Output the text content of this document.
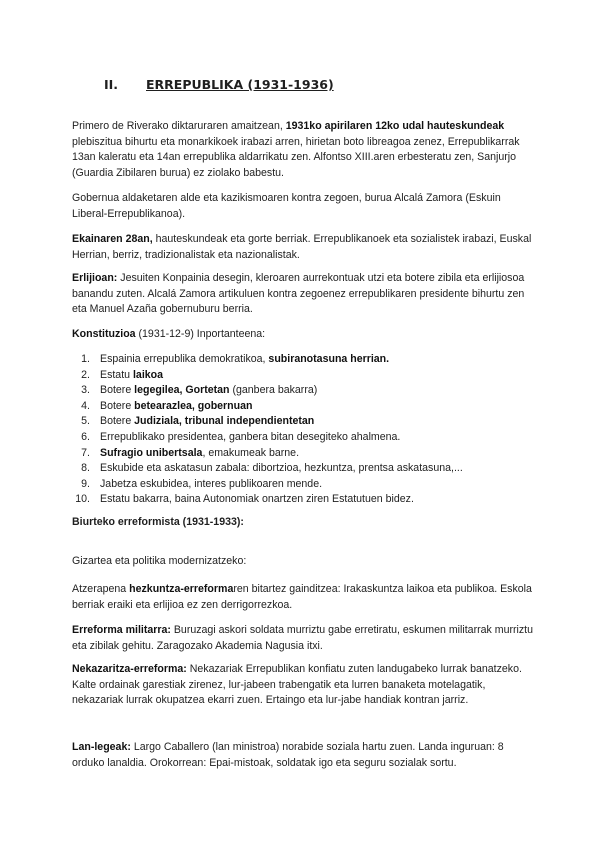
II. ERREPUBLIKA (1931-1936)

Primero de Riverako diktaruraren amaitzean, 1931ko apirilaren 12ko udal hauteskundeak plebiszitua bihurtu eta monarkikoek irabazi arren, hirietan boto libreagoa zenez, Errepublikarrak 13an kaleratu eta 14an errepublika aldarrikatu zen. Alfontso XIII.aren erbesteratu zen, Sanjurjo (Guardia Zibilaren burua) ez ziolako babestu.

Gobernua aldaketaren alde eta kazikismoaren kontra zegoen, burua Alcalá Zamora (Eskuin Liberal-Errepublikanoa).

Ekainaren 28an, hauteskundeak eta gorte berriak. Errepublikanoek eta sozialistek irabazi, Euskal Herrian, berriz, tradizionalistak eta nazionalistak.

Erlijioan: Jesuiten Konpainia desegin, kleroaren aurrekontuak utzi eta botere zibila eta erlijiosoa banandu zuten. Alcalá Zamora artikuluen kontra zegoenez errepublikaren presidente bihurtu zen eta Manuel Azaña gobernuburu berria.

Konstituzioa (1931-12-9) Inportanteena:

1. Espainia errepublika demokratikoa, subiranotasuna herrian.
2. Estatu laikoa
3. Botere legegilea, Gortetan (ganbera bakarra)
4. Botere betearazlea, gobernuan
5. Botere Judiziala, tribunal independientetan
6. Errepublikako presidentea, ganbera bitan desegiteko ahalmena.
7. Sufragio unibertsala, emakumeak barne.
8. Eskubide eta askatasun zabala: dibortzioa, hezkuntza, prentsa askatasuna,...
9. Jabetza eskubidea, interes publikoaren mende.
10. Estatu bakarra, baina Autonomiak onartzen ziren Estatutuen bidez.

Biurteko erreformista (1931-1933):

Gizartea eta politika modernizatzeko:

Atzerapena hezkuntza-erreformaren bitartez gainditzea: Irakaskuntza laikoa eta publikoa. Eskola berriak eraiki eta erlijioa ez zen derrigorrezkoa.

Erreforma militarra: Buruzagi askori soldata murriztu gabe erretiratu, eskumen militarrak murriztu eta zibilak gehitu. Zaragozako Akademia Nagusia itxi.

Nekazaritza-erreforma: Nekazariak Errepublikan konfiatu zuten landugabeko lurrak banatzeko. Kalte ordainak garestiak zirenez, lur-jabeen trabengatik eta lurren banaketa motelagatik, nekazariak lurrak okupatzea ekarri zuen. Ertaingo eta lur-jabe handiak kontran jarriz.

Lan-legeak: Largo Caballero (lan ministroa) norabide soziala hartu zuen. Landa inguruan: 8 orduko lanaldia. Orokorrean: Epai-mistoak, soldatak igo eta seguru sozialak sortu.
